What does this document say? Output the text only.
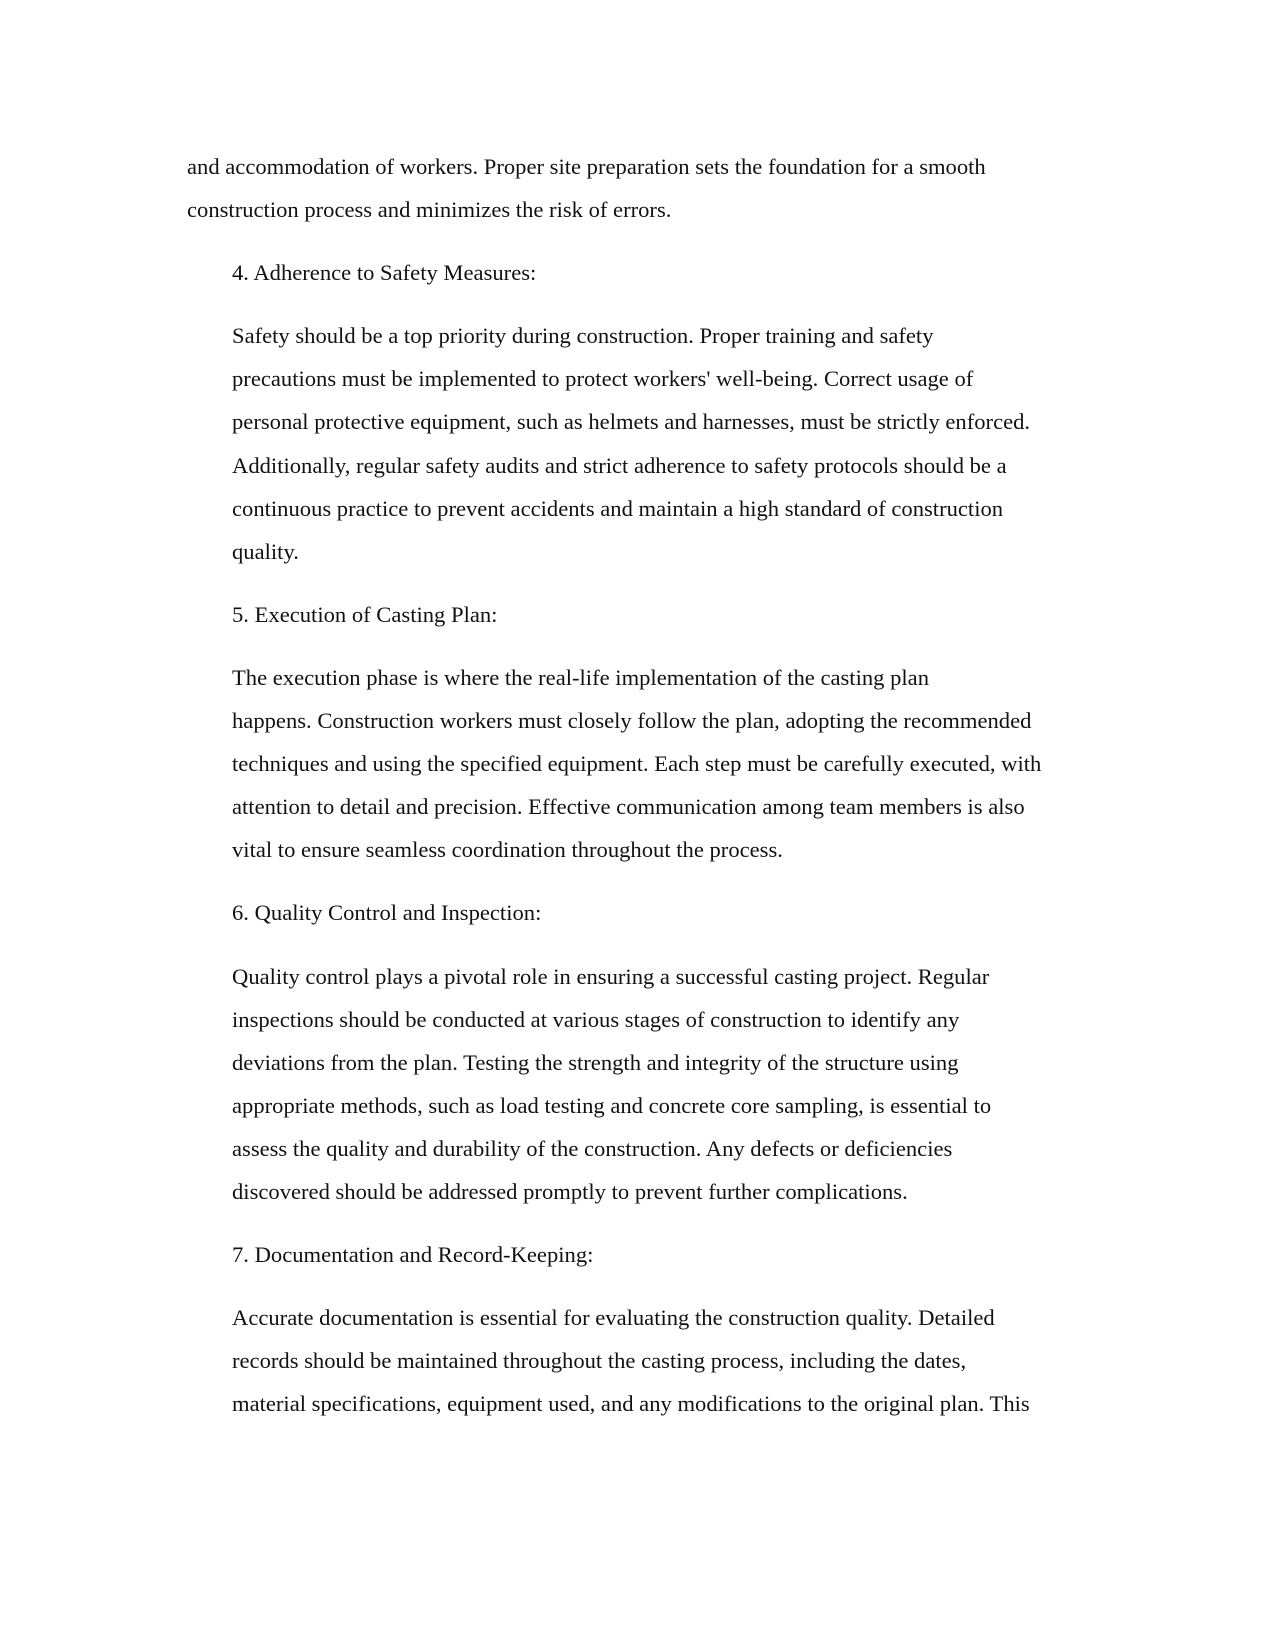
and accommodation of workers. Proper site preparation sets the foundation for a smooth
construction process and minimizes the risk of errors.

4. Adherence to Safety Measures:

Safety should be a top priority during construction. Proper training and safety
precautions must be implemented to protect workers' well-being. Correct usage of
personal protective equipment, such as helmets and harnesses, must be strictly enforced.
Additionally, regular safety audits and strict adherence to safety protocols should be a
continuous practice to prevent accidents and maintain a high standard of construction
quality.

5. Execution of Casting Plan:

The execution phase is where the real-life implementation of the casting plan
happens. Construction workers must closely follow the plan, adopting the recommended
techniques and using the specified equipment. Each step must be carefully executed, with
attention to detail and precision. Effective communication among team members is also
vital to ensure seamless coordination throughout the process.

6. Quality Control and Inspection:

Quality control plays a pivotal role in ensuring a successful casting project. Regular
inspections should be conducted at various stages of construction to identify any
deviations from the plan. Testing the strength and integrity of the structure using
appropriate methods, such as load testing and concrete core sampling, is essential to
assess the quality and durability of the construction. Any defects or deficiencies
discovered should be addressed promptly to prevent further complications.

7. Documentation and Record-Keeping:

Accurate documentation is essential for evaluating the construction quality. Detailed
records should be maintained throughout the casting process, including the dates,
material specifications, equipment used, and any modifications to the original plan. This
